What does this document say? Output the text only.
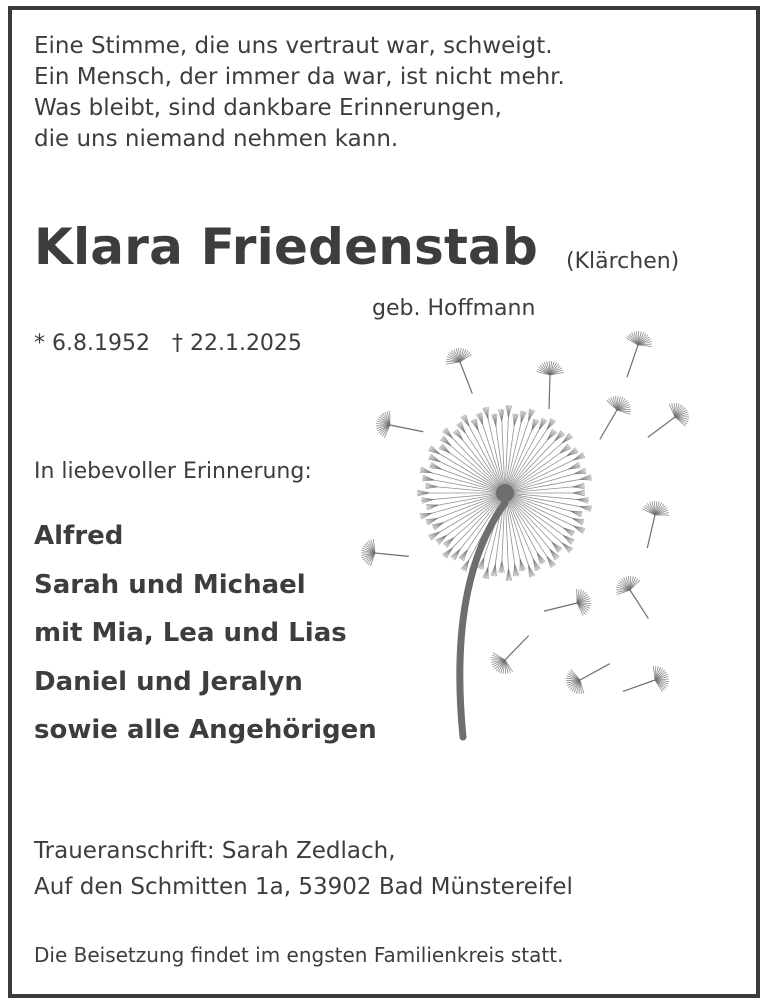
Eine Stimme, die uns vertraut war, schweigt.
Ein Mensch, der immer da war, ist nicht mehr.
Was bleibt, sind dankbare Erinnerungen,
die uns niemand nehmen kann.
Klara Friedenstab (Klärchen)
geb. Hoffmann
* 6.8.1952 † 22.1.2025
In liebevoller Erinnerung:
Alfred
Sarah und Michael
mit Mia, Lea und Lias
Daniel und Jeralyn
sowie alle Angehörigen
Traueranschrift: Sarah Zedlach,
Auf den Schmitten 1a, 53902 Bad Münstereifel
Die Beisetzung findet im engsten Familienkreis statt.
